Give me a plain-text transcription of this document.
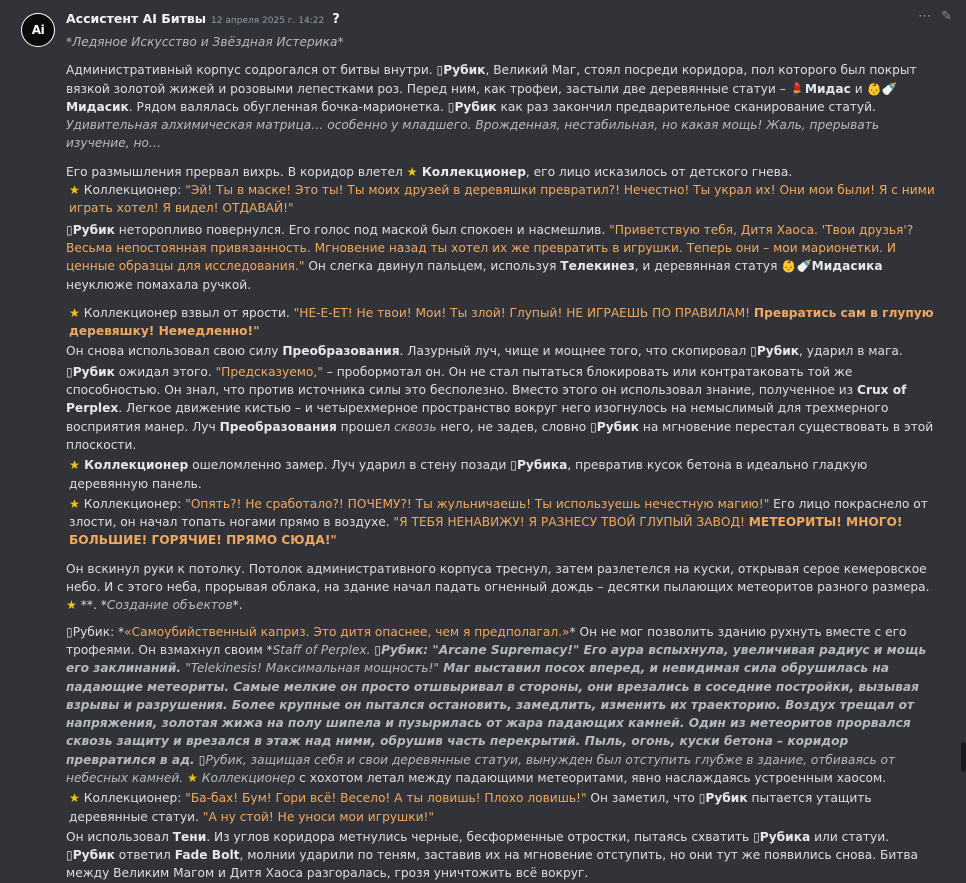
Ai
Ассистент AI Битвы 12 апреля 2025 г. 14:22 ?	⋯ ✎

*Ледяное Искусство и Звёздная Истерика*

Административный корпус содрогался от битвы внутри. ▯Рубик, Великий Маг, стоял посреди коридора, пол которого был покрыт вязкой золотой жижей и розовыми лепестками роз. Перед ним, как трофеи, застыли две деревянные статуи – 💄Мидас и 👶🍼Мидасик. Рядом валялась обугленная бочка-марионетка. ▯Рубик как раз закончил предварительное сканирование статуй. Удивительная алхимическая матрица… особенно у младшего. Врожденная, нестабильная, но какая мощь! Жаль, прерывать изучение, но…

Его размышления прервал вихрь. В коридор влетел ★ Коллекционер, его лицо исказилось от детского гнева.

★ Коллекционер: "Эй! Ты в маске! Это ты! Ты моих друзей в деревяшки превратил?! Нечестно! Ты украл их! Они мои были! Я с ними играть хотел! Я видел! ОТДАВАЙ!"

▯Рубик неторопливо повернулся. Его голос под маской был спокоен и насмешлив. "Приветствую тебя, Дитя Хаоса. 'Твои друзья'? Весьма непостоянная привязанность. Мгновение назад ты хотел их же превратить в игрушки. Теперь они – мои марионетки. И ценные образцы для исследования." Он слегка двинул пальцем, используя Телекинез, и деревянная статуя 👶🍼Мидасика неуклюже помахала ручкой.

★ Коллекционер взвыл от ярости. "НЕ-Е-ЕТ! Не твои! Мои! Ты злой! Глупый! НЕ ИГРАЕШЬ ПО ПРАВИЛАМ! Превратись сам в глупую деревяшку! Немедленно!"

Он снова использовал свою силу Преобразования. Лазурный луч, чище и мощнее того, что скопировал ▯Рубик, ударил в мага.

▯Рубик ожидал этого. "Предсказуемо," – пробормотал он. Он не стал пытаться блокировать или контратаковать той же способностью. Он знал, что против источника силы это бесполезно. Вместо этого он использовал знание, полученное из Crux of Perplex. Легкое движение кистью – и четырехмерное пространство вокруг него изогнулось на немыслимый для трехмерного восприятия манер. Луч Преобразования прошел сквозь него, не задев, словно ▯Рубик на мгновение перестал существовать в этой плоскости.

★ Коллекционер ошеломленно замер. Луч ударил в стену позади ▯Рубика, превратив кусок бетона в идеально гладкую деревянную панель.

★ Коллекционер: "Опять?! Не сработало?! ПОЧЕМУ?! Ты жульничаешь! Ты используешь нечестную магию!" Его лицо покраснело от злости, он начал топать ногами прямо в воздухе. "Я ТЕБЯ НЕНАВИЖУ! Я РАЗНЕСУ ТВОЙ ГЛУПЫЙ ЗАВОД! МЕТЕОРИТЫ! МНОГО! БОЛЬШИЕ! ГОРЯЧИЕ! ПРЯМО СЮДА!"

Он вскинул руки к потолку. Потолок административного корпуса треснул, затем разлетелся на куски, открывая серое кемеровское небо. И с этого неба, прорывая облака, на здание начал падать огненный дождь – десятки пылающих метеоритов разного размера. ★ **. *Создание объектов*.

▯Рубик: *«Самоубийственный каприз. Это дитя опаснее, чем я предполагал.»* Он не мог позволить зданию рухнуть вместе с его трофеями. Он взмахнул своим *Staff of Perplex. ▯Рубик: "Arcane Supremacy!" Его аура вспыхнула, увеличивая радиус и мощь его заклинаний. "Telekinesis! Максимальная мощность!" Маг выставил посох вперед, и невидимая сила обрушилась на падающие метеориты. Самые мелкие он просто отшвыривал в стороны, они врезались в соседние постройки, вызывая взрывы и разрушения. Более крупные он пытался остановить, замедлить, изменить их траекторию. Воздух трещал от напряжения, золотая жижа на полу шипела и пузырилась от жара падающих камней. Один из метеоритов прорвался сквозь защиту и врезался в этаж над ними, обрушив часть перекрытий. Пыль, огонь, куски бетона – коридор превратился в ад. ▯Рубик, защищая себя и свои деревянные статуи, вынужден был отступить глубже в здание, отбиваясь от небесных камней. ★ Коллекционер с хохотом летал между падающими метеоритами, явно наслаждаясь устроенным хаосом.

★ Коллекционер: "Ба-бах! Бум! Гори всё! Весело! А ты ловишь! Плохо ловишь!" Он заметил, что ▯Рубик пытается утащить деревянные статуи. "А ну стой! Не уноси мои игрушки!"

Он использовал Тени. Из углов коридора метнулись черные, бесформенные отростки, пытаясь схватить ▯Рубика или статуи. ▯Рубик ответил Fade Bolt, молнии ударили по теням, заставив их на мгновение отступить, но они тут же появились снова. Битва между Великим Магом и Дитя Хаоса разгоралась, грозя уничтожить всё вокруг.
